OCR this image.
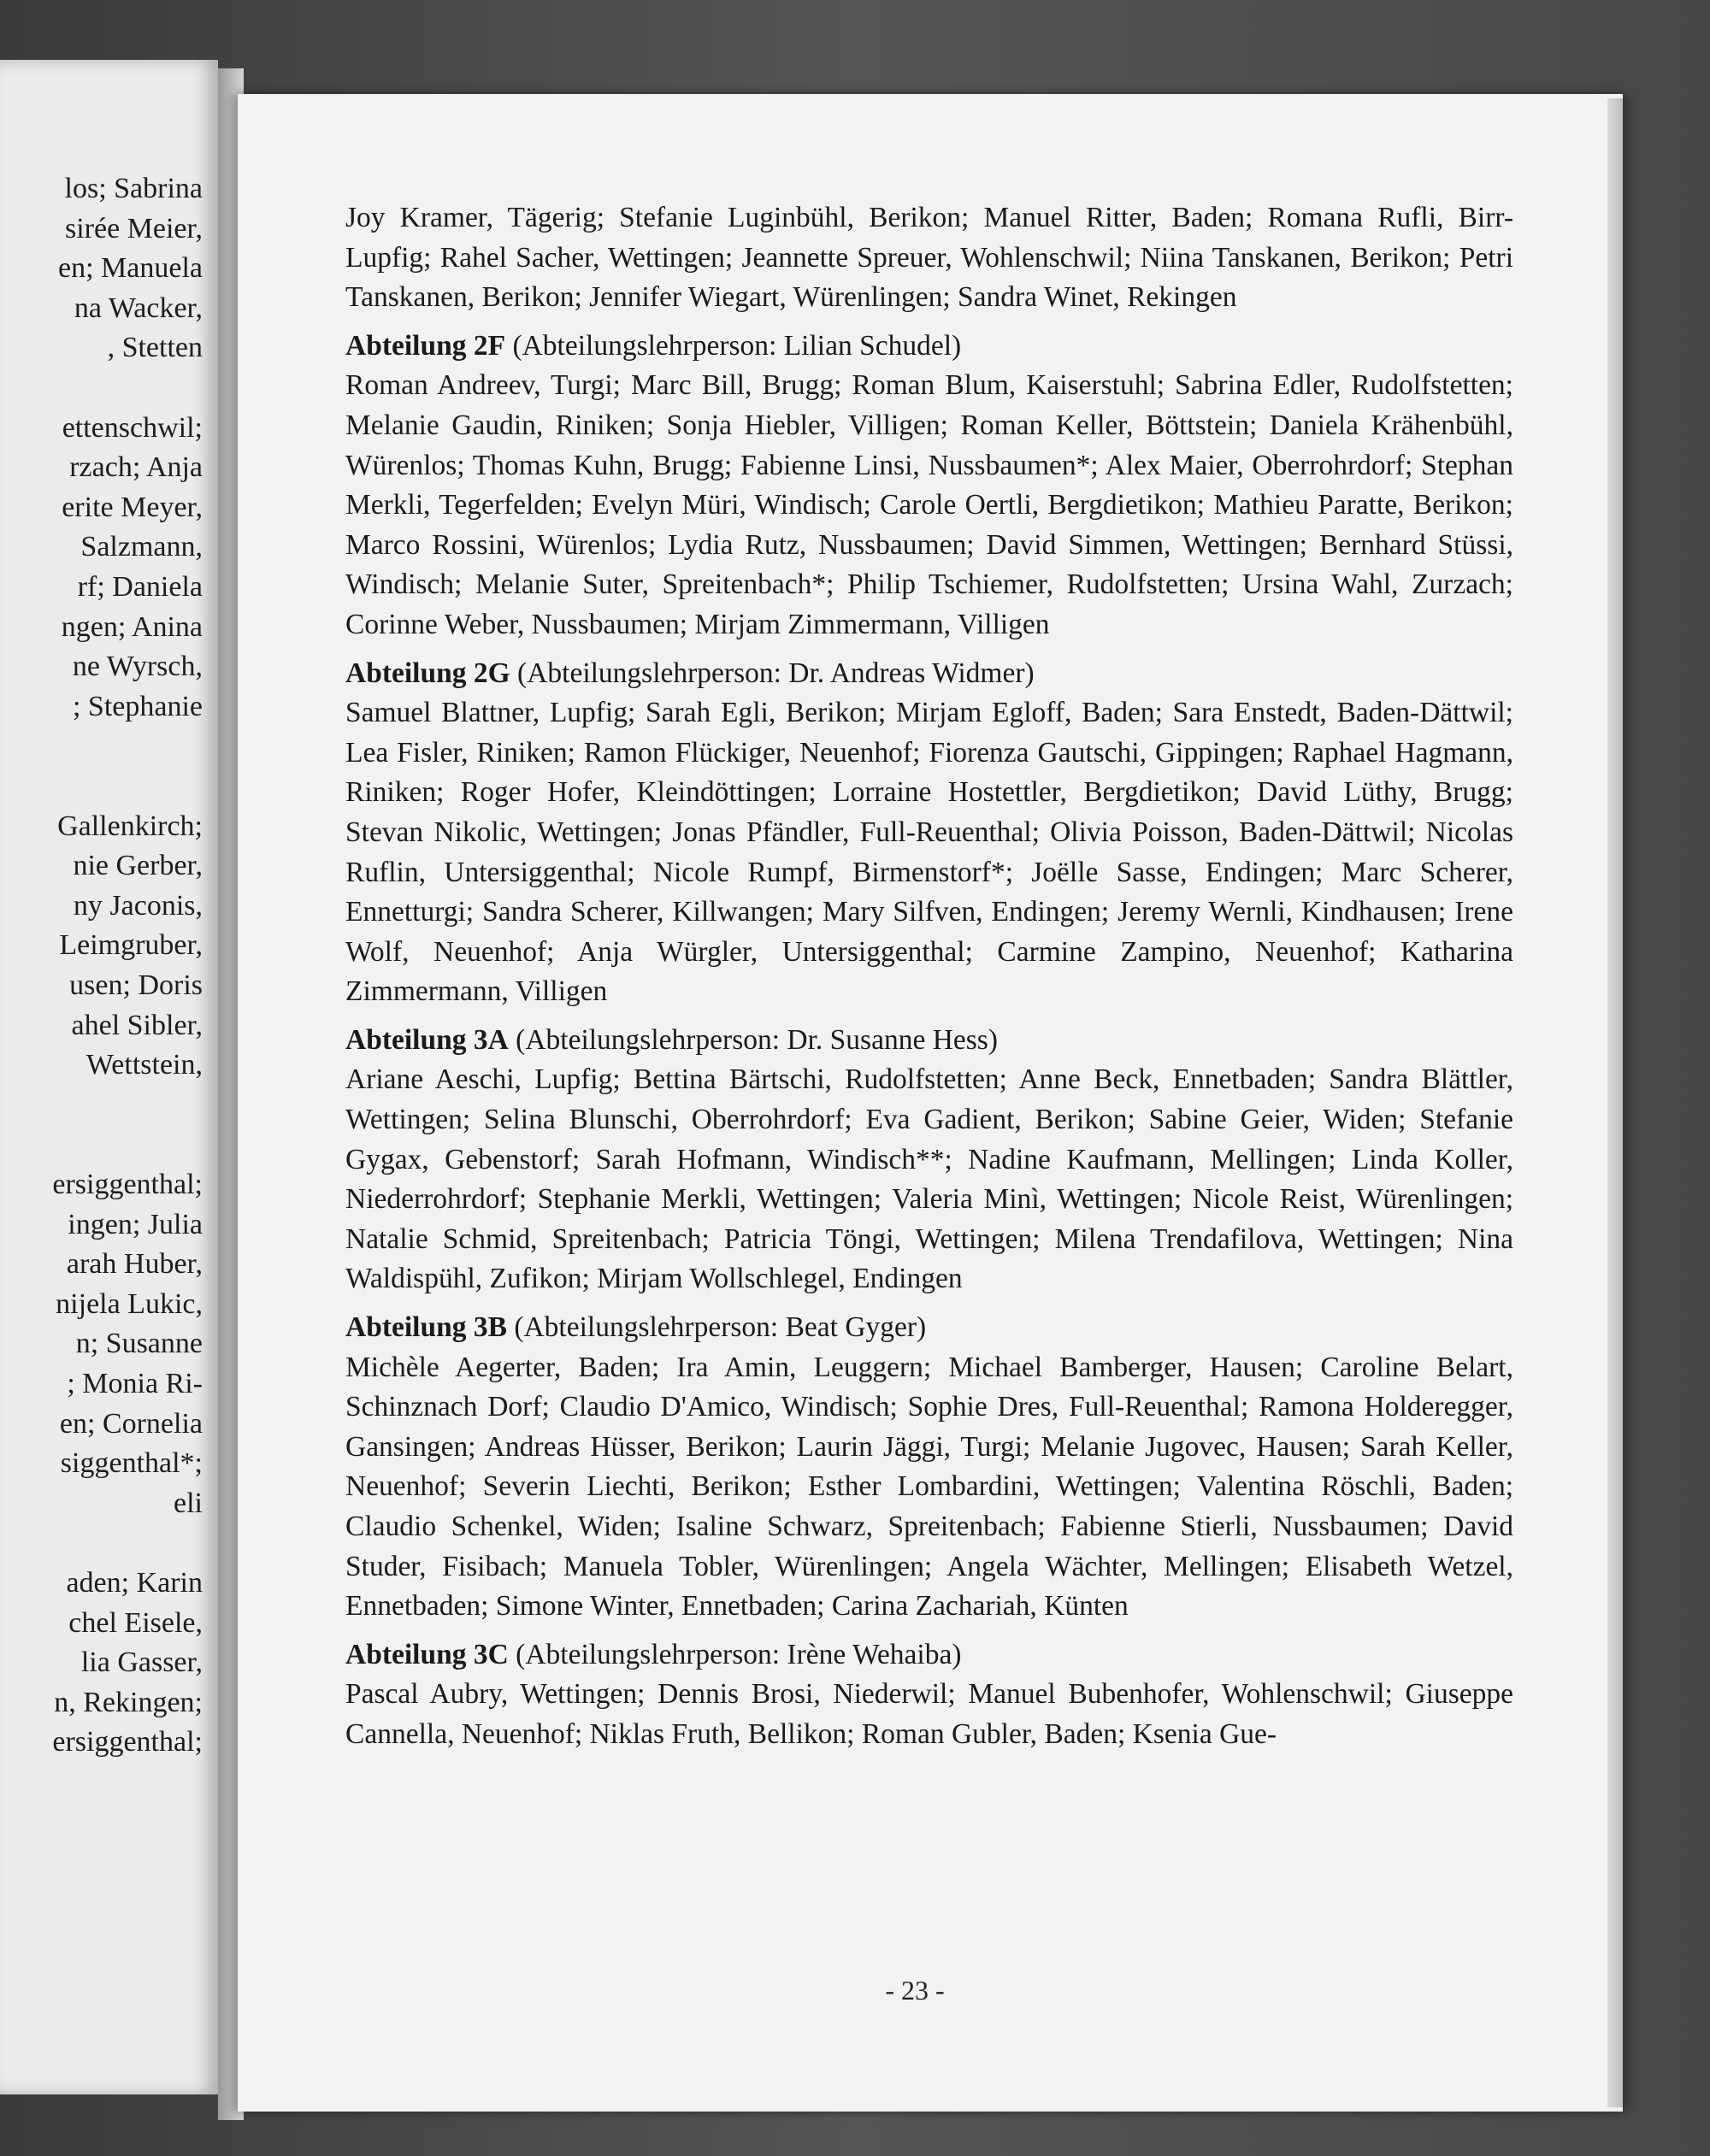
los; Sabrina
sirée Meier,
en; Manuela
na Wacker,
, Stetten
ettenschwil;
rzach; Anja
erite Meyer,
Salzmann,
rf; Daniela
ngen; Anina
ne Wyrsch,
; Stephanie
Gallenkirch;
nie Gerber,
ny Jaconis,
Leimgruber,
usen; Doris
ahel Sibler,
Wettstein,
ersiggenthal;
ingen; Julia
arah Huber,
nijela Lukic,
n; Susanne
; Monia Ri-
en; Cornelia
siggenthal*;
eli
aden; Karin
chel Eisele,
lia Gasser,
n, Rekingen;
ersiggenthal;

Joy Kramer, Tägerig; Stefanie Luginbühl, Berikon; Manuel Ritter, Baden; Romana Rufli, Birr-Lupfig; Rahel Sacher, Wettingen; Jeannette Spreuer, Wohlenschwil; Niina Tanskanen, Berikon; Petri Tanskanen, Berikon; Jennifer Wiegart, Würenlingen; Sandra Winet, Rekingen

Abteilung 2F (Abteilungslehrperson: Lilian Schudel)

Roman Andreev, Turgi; Marc Bill, Brugg; Roman Blum, Kaiserstuhl; Sabrina Edler, Rudolfstetten; Melanie Gaudin, Riniken; Sonja Hiebler, Villigen; Roman Keller, Böttstein; Daniela Krähenbühl, Würenlos; Thomas Kuhn, Brugg; Fabienne Linsi, Nussbaumen*; Alex Maier, Oberrohrdorf; Stephan Merkli, Tegerfelden; Evelyn Müri, Windisch; Carole Oertli, Bergdietikon; Mathieu Paratte, Berikon; Marco Rossini, Würenlos; Lydia Rutz, Nussbaumen; David Simmen, Wettingen; Bernhard Stüssi, Windisch; Melanie Suter, Spreitenbach*; Philip Tschiemer, Rudolfstetten; Ursina Wahl, Zurzach; Corinne Weber, Nussbaumen; Mirjam Zimmermann, Villigen

Abteilung 2G (Abteilungslehrperson: Dr. Andreas Widmer)

Samuel Blattner, Lupfig; Sarah Egli, Berikon; Mirjam Egloff, Baden; Sara Enstedt, Baden-Dättwil; Lea Fisler, Riniken; Ramon Flückiger, Neuenhof; Fiorenza Gautschi, Gippingen; Raphael Hagmann, Riniken; Roger Hofer, Kleindöttingen; Lorraine Hostettler, Bergdietikon; David Lüthy, Brugg; Stevan Nikolic, Wettingen; Jonas Pfändler, Full-Reuenthal; Olivia Poisson, Baden-Dättwil; Nicolas Ruflin, Untersiggenthal; Nicole Rumpf, Birmenstorf*; Joëlle Sasse, Endingen; Marc Scherer, Ennetturgi; Sandra Scherer, Killwangen; Mary Silfven, Endingen; Jeremy Wernli, Kindhausen; Irene Wolf, Neuenhof; Anja Würgler, Untersiggenthal; Carmine Zampino, Neuenhof; Katharina Zimmermann, Villigen

Abteilung 3A (Abteilungslehrperson: Dr. Susanne Hess)

Ariane Aeschi, Lupfig; Bettina Bärtschi, Rudolfstetten; Anne Beck, Ennetbaden; Sandra Blättler, Wettingen; Selina Blunschi, Oberrohrdorf; Eva Gadient, Berikon; Sabine Geier, Widen; Stefanie Gygax, Gebenstorf; Sarah Hofmann, Windisch**; Nadine Kaufmann, Mellingen; Linda Koller, Niederrohrdorf; Stephanie Merkli, Wettingen; Valeria Minì, Wettingen; Nicole Reist, Würenlingen; Natalie Schmid, Spreitenbach; Patricia Töngi, Wettingen; Milena Trendafilova, Wettingen; Nina Waldispühl, Zufikon; Mirjam Wollschlegel, Endingen

Abteilung 3B (Abteilungslehrperson: Beat Gyger)

Michèle Aegerter, Baden; Ira Amin, Leuggern; Michael Bamberger, Hausen; Caroline Belart, Schinznach Dorf; Claudio D'Amico, Windisch; Sophie Dres, Full-Reuenthal; Ramona Holderegger, Gansingen; Andreas Hüsser, Berikon; Laurin Jäggi, Turgi; Melanie Jugovec, Hausen; Sarah Keller, Neuenhof; Severin Liechti, Berikon; Esther Lombardini, Wettingen; Valentina Röschli, Baden; Claudio Schenkel, Widen; Isaline Schwarz, Spreitenbach; Fabienne Stierli, Nussbaumen; David Studer, Fisibach; Manuela Tobler, Würenlingen; Angela Wächter, Mellingen; Elisabeth Wetzel, Ennetbaden; Simone Winter, Ennetbaden; Carina Zachariah, Künten

Abteilung 3C (Abteilungslehrperson: Irène Wehaiba)

Pascal Aubry, Wettingen; Dennis Brosi, Niederwil; Manuel Bubenhofer, Wohlenschwil; Giuseppe Cannella, Neuenhof; Niklas Fruth, Bellikon; Roman Gubler, Baden; Ksenia Gue-

- 23 -
